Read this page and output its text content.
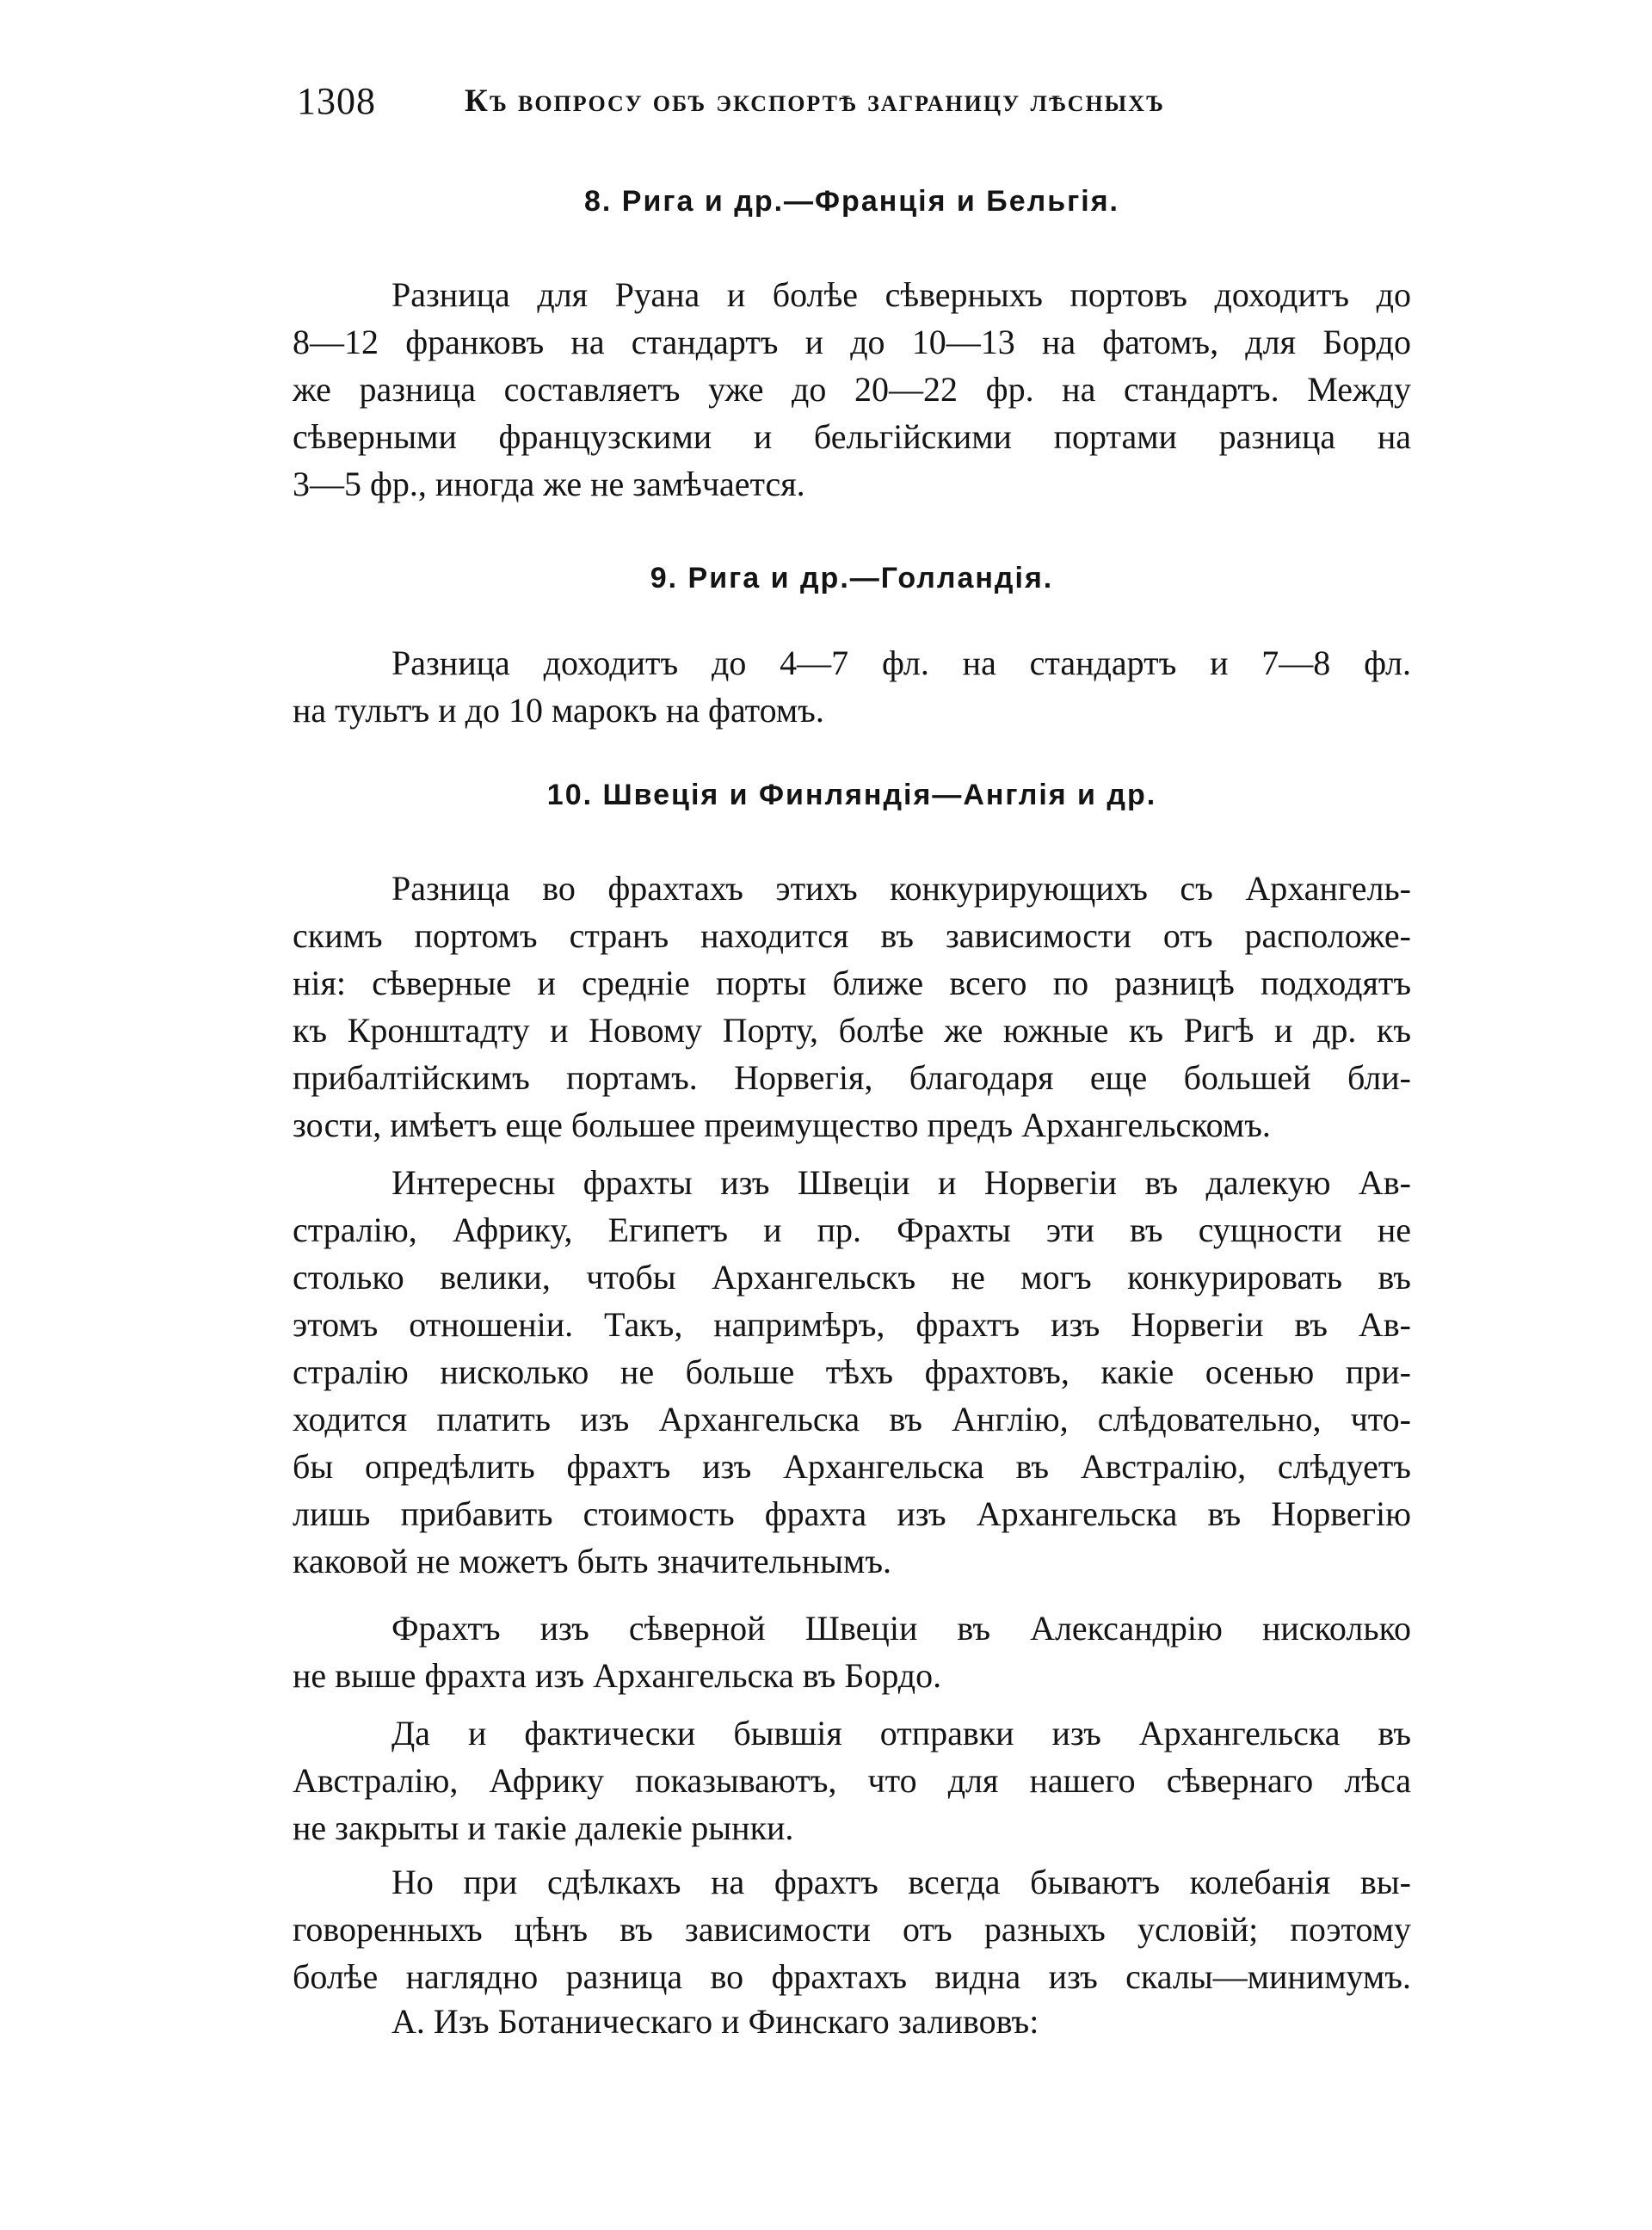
1308	Къ вопросу объ экспортѣ заграницу лѣсныхъ
8. Рига и др.—Франція и Бельгія.
Разница для Руана и болѣе сѣверныхъ портовъ доходитъ до
8—12 франковъ на стандартъ и до 10—13 на фатомъ, для Бордо
же разница составляетъ уже до 20—22 фр. на стандартъ. Между
сѣверными французскими и бельгійскими портами разница на
3—5 фр., иногда же не замѣчается.
9. Рига и др.—Голландія.
Разница доходитъ до 4—7 фл. на стандартъ и 7—8 фл.
на тультъ и до 10 марокъ на фатомъ.
10. Швеція и Финляндія—Англія и др.
Разница во фрахтахъ этихъ конкурирующихъ съ Архангель-
скимъ портомъ странъ находится въ зависимости отъ расположе-
нія: сѣверные и средніе порты ближе всего по разницѣ подходятъ
къ Кронштадту и Новому Порту, болѣе же южные къ Ригѣ и др. къ
прибалтійскимъ портамъ. Норвегія, благодаря еще большей бли-
зости, имѣетъ еще большее преимущество предъ Архангельскомъ.
Интересны фрахты изъ Швеціи и Норвегіи въ далекую Ав-
стралію, Африку, Египетъ и пр. Фрахты эти въ сущности не
столько велики, чтобы Архангельскъ не могъ конкурировать въ
этомъ отношеніи. Такъ, напримѣръ, фрахтъ изъ Норвегіи въ Ав-
стралію нисколько не больше тѣхъ фрахтовъ, какіе осенью при-
ходится платить изъ Архангельска въ Англію, слѣдовательно, что-
бы опредѣлить фрахтъ изъ Архангельска въ Австралію, слѣдуетъ
лишь прибавить стоимость фрахта изъ Архангельска въ Норвегію
каковой не можетъ быть значительнымъ.
Фрахтъ изъ сѣверной Швеціи въ Александрію нисколько
не выше фрахта изъ Архангельска въ Бордо.
Да и фактически бывшія отправки изъ Архангельска въ
Австралію, Африку показываютъ, что для нашего сѣвернаго лѣса
не закрыты и такіе далекіе рынки.
Но при сдѣлкахъ на фрахтъ всегда бываютъ колебанія вы-
говоренныхъ цѣнъ въ зависимости отъ разныхъ условій; поэтому
болѣе наглядно разница во фрахтахъ видна изъ скалы—минимумъ.
А. Изъ Ботаническаго и Финскаго заливовъ:
